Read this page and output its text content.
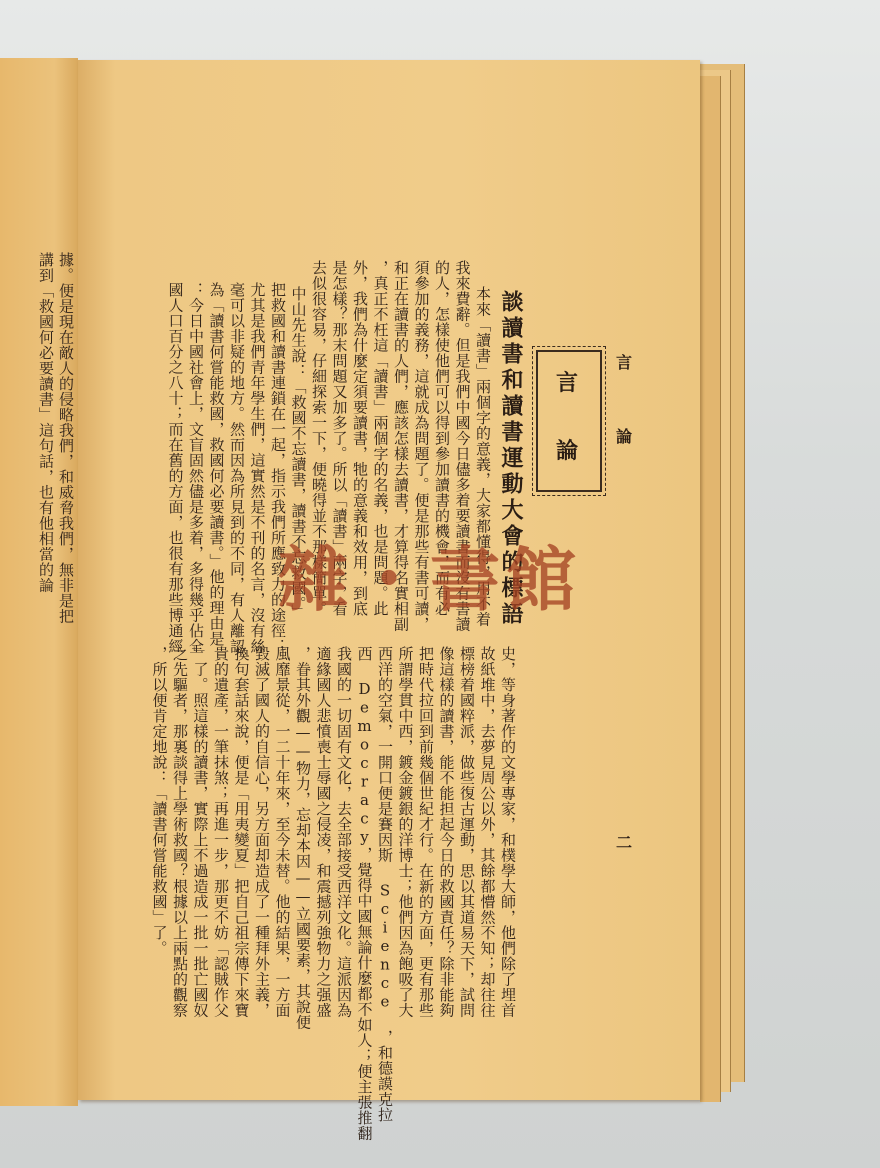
講到「救國何必要讀書」這句話，也有他相當的論 據。便是現在敵人的侵略我們，和威脅我們，無非是把	言
論
二
言
論
談讀書和讀書運動大會的標語
本來「讀書」兩個字的意義，大家都懂得，用不着
我來費辭。但是我們中國今日儘多着要讀書而沒有書讀
的人，怎樣使他們可以得到參加讀書的機會，而有必
須參加的義務，這就成為問題了。便是那些有書可讀，
和正在讀書的人們，應該怎樣去讀書，才算得名實相副
，真正不枉這「讀書」兩個字的名義，也是問題。此
外，我們為什麼定須要讀書，牠的意義和效用，到底
是怎樣？那末問題又加多了。所以「讀書」兩字，看
去似很容易，仔細探索一下，便曉得並不那樣簡單。
中山先生說：「救國不忘讀書，讀書不忘救國。」
把救國和讀書連鎖在一起，指示我們所應致力的途徑；
尤其是我們青年學生們，這實然是不刊的名言，沒有絲
毫可以非疑的地方。然而因為所見到的不同，有人離認
為「讀書何嘗能救國，救國何必要讀書。」他的理由是
：今日中國社會上，文盲固然儘是多着，多得幾乎佔全
國人口百分之八十；而在舊的方面，也很有那些博通經
史，等身著作的文學專家，和樸學大師，他們除了埋首
故紙堆中，去夢見周公以外，其餘都懵然不知；却往往
標榜着國粹派，做些復古運動，思以其道易天下，試問
像這樣的讀書，能不能担起今日的救國責任？除非能夠
把時代拉回到前幾個世紀才行。在新的方面，更有那些
所謂學貫中西，鍍金鍍銀的洋博士；他們因為飽吸了大
西洋的空氣，一開口便是賽因斯 Science ，和德謨克拉
西 Democracy，覺得中國無論什麼都不如人；便主張推翻
我國的一切固有文化，去全部接受西洋文化。這派因為
適緣國人悲憤喪士辱國之侵凌，和震撼列強物力之强盛
，眷其外觀——物力，忘却本因——立國要素，其說便
風靡景從，一二十年來，至今未替。他的結果，一方面
毀滅了國人的自信心，另方面却造成了一種拜外主義，
換句套話來說，便是「用夷變夏」把自己祖宗傳下來寶
貴的遺產，一筆抹煞；再進一步，那更不妨「認賊作父
」了。照這樣的讀書，實際上不過造成一批一批亡國奴
之先驅者，那裏談得上學術救國？根據以上兩點的觀察
，所以便肯定地說：「讀書何嘗能救國」了。
雜・書館
